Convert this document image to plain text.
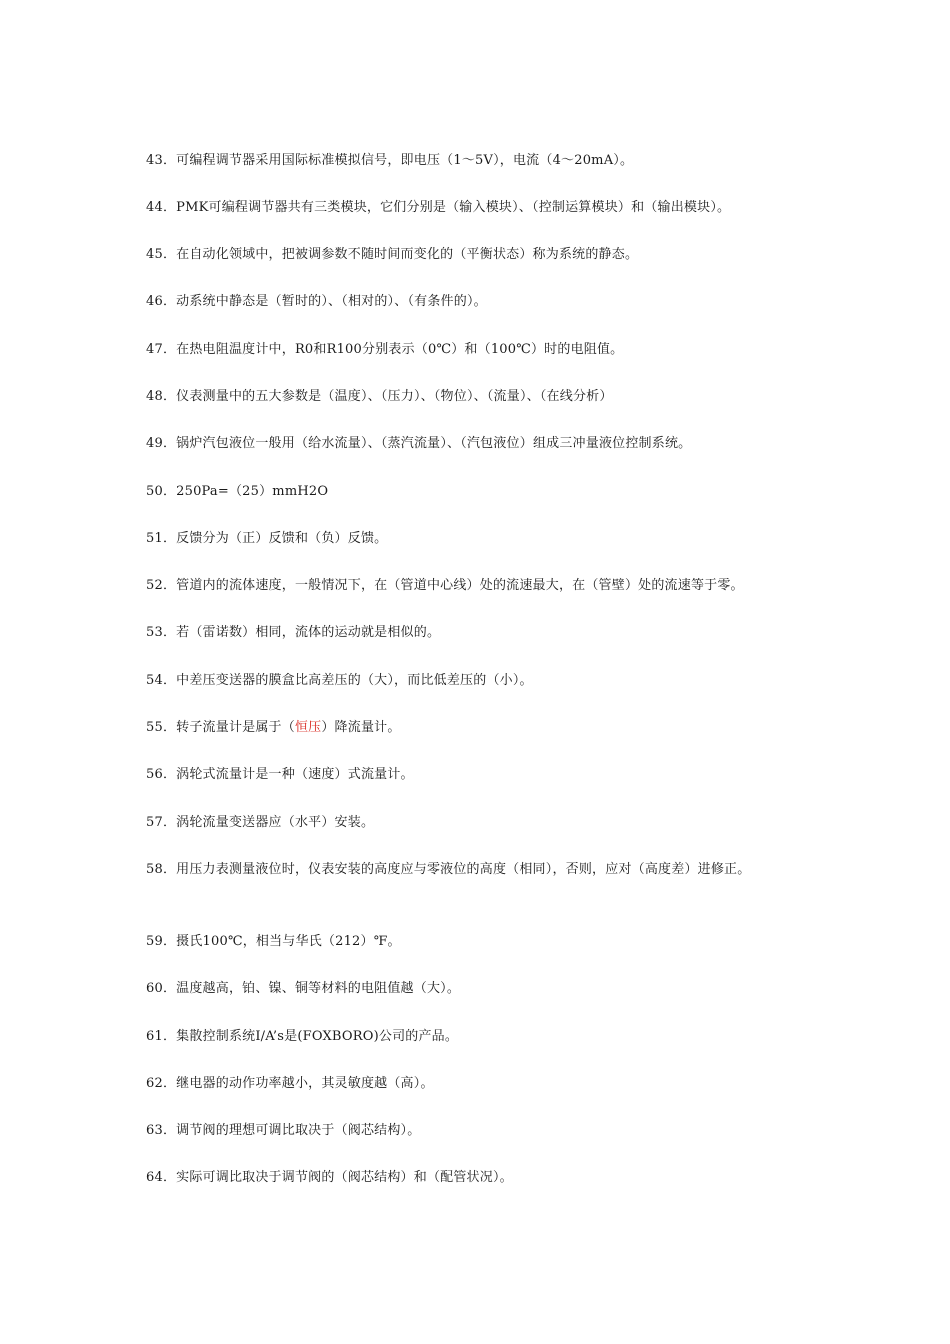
43．可编程调节器采用国际标准模拟信号，即电压（1～5V），电流（4～20mA）。
44．PMK可编程调节器共有三类模块，它们分别是（输入模块）、（控制运算模块）和（输出模块）。
45．在自动化领域中，把被调参数不随时间而变化的（平衡状态）称为系统的静态。
46．动系统中静态是（暂时的）、（相对的）、（有条件的）。
47．在热电阻温度计中，R0和R100分别表示（0℃）和（100℃）时的电阻值。
48．仪表测量中的五大参数是（温度）、（压力）、（物位）、（流量）、（在线分析）
49．锅炉汽包液位一般用（给水流量）、（蒸汽流量）、（汽包液位）组成三冲量液位控制系统。
50．250Pa=（25）mmH2O
51．反馈分为（正）反馈和（负）反馈。
52．管道内的流体速度，一般情况下，在（管道中心线）处的流速最大，在（管壁）处的流速等于零。
53．若（雷诺数）相同，流体的运动就是相似的。
54．中差压变送器的膜盒比高差压的（大），而比低差压的（小）。
55．转子流量计是属于（恒压）降流量计。
56．涡轮式流量计是一种（速度）式流量计。
57．涡轮流量变送器应（水平）安装。
58．用压力表测量液位时，仪表安装的高度应与零液位的高度（相同），否则，应对（高度差）进修正。
59．摄氏100℃，相当与华氏（212）℉。
60．温度越高，铂、镍、铜等材料的电阻值越（大）。
61．集散控制系统I/A’s是(FOXBORO)公司的产品。
62．继电器的动作功率越小，其灵敏度越（高）。
63．调节阀的理想可调比取决于（阀芯结构）。
64．实际可调比取决于调节阀的（阀芯结构）和（配管状况）。
